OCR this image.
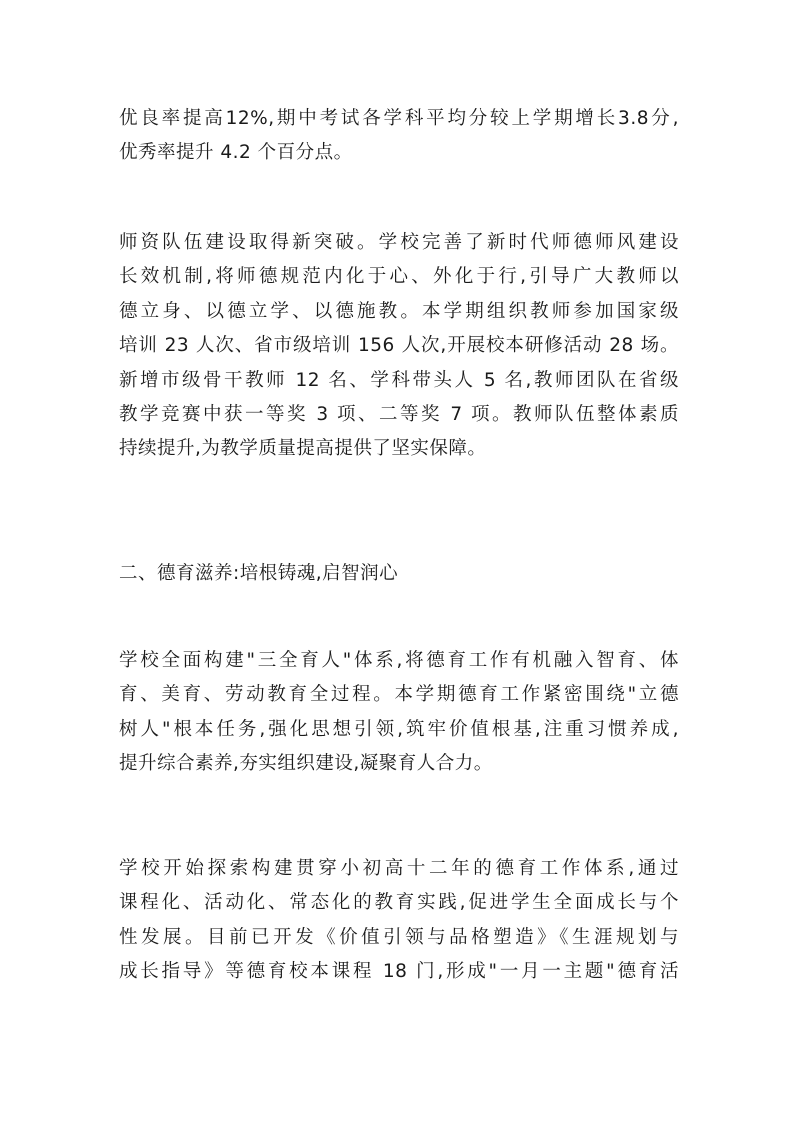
优良率提高12%,期中考试各学科平均分较上学期增长3.8分,
优秀率提升 4.2 个百分点。
师资队伍建设取得新突破。学校完善了新时代师德师风建设
长效机制,将师德规范内化于心、外化于行,引导广大教师以
德立身、以德立学、以德施教。本学期组织教师参加国家级
培训 23 人次、省市级培训 156 人次,开展校本研修活动 28 场。
新增市级骨干教师 12 名、学科带头人 5 名,教师团队在省级
教学竞赛中获一等奖 3 项、二等奖 7 项。教师队伍整体素质
持续提升,为教学质量提高提供了坚实保障。
二、德育滋养:培根铸魂,启智润心
学校全面构建"三全育人"体系,将德育工作有机融入智育、体
育、美育、劳动教育全过程。本学期德育工作紧密围绕"立德
树人"根本任务,强化思想引领,筑牢价值根基,注重习惯养成,
提升综合素养,夯实组织建设,凝聚育人合力。
学校开始探索构建贯穿小初高十二年的德育工作体系,通过
课程化、活动化、常态化的教育实践,促进学生全面成长与个
性发展。目前已开发《价值引领与品格塑造》《生涯规划与
成长指导》等德育校本课程 18 门,形成"一月一主题"德育活
